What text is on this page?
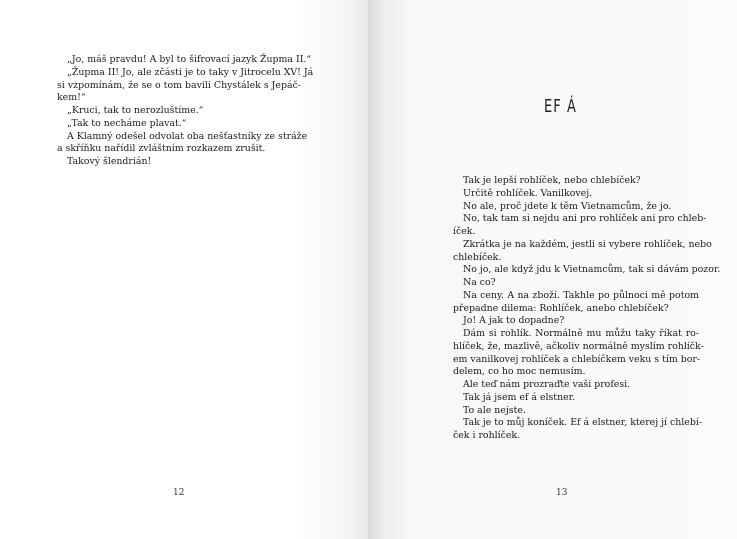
„Jo, máš pravdu! A byl to šifrovací jazyk Župma II.“
„Župma II! Jo, ale zčásti je to taky v Jitrocelu XV! Já
si vzpomínám, že se o tom bavili Chystálek s Jepáč-
kem!“
„Kruci, tak to nerozluštíme.“
„Tak to necháme plavat.“
A Klamný odešel odvolat oba nešťastníky ze stráže
a skříňku nařídil zvláštním rozkazem zrušit.
Takový šlendrián!
12
EF Á
Tak je lepší rohlíček, nebo chlebíček?
Určitě rohlíček. Vanilkovej.
No ale, proč jdete k těm Vietnamcům, že jo.
No, tak tam si nejdu ani pro rohlíček ani pro chleb-
íček.
Zkrátka je na každém, jestli si vybere rohlíček, nebo
chlebíček.
No jo, ale když jdu k Vietnamcům, tak si dávám pozor.
Na co?
Na ceny. A na zboží. Takhle po půlnoci mě potom
přepadne dilema: Rohlíček, anebo chlebíček?
Jo! A jak to dopadne?
Dám si rohlík. Normálně mu můžu taky říkat ro-
hlíček, že, mazlivě, ačkoliv normálně myslím rohlíčk-
em vanilkovej rohlíček a chlebíčkem veku s tím bor-
delem, co ho moc nemusím.
Ale teď nám prozraďte vaši profesi.
Tak já jsem ef á elstner.
To ale nejste.
Tak je to můj koníček. Ef á elstner, kterej jí chlebí-
ček i rohlíček.
13
